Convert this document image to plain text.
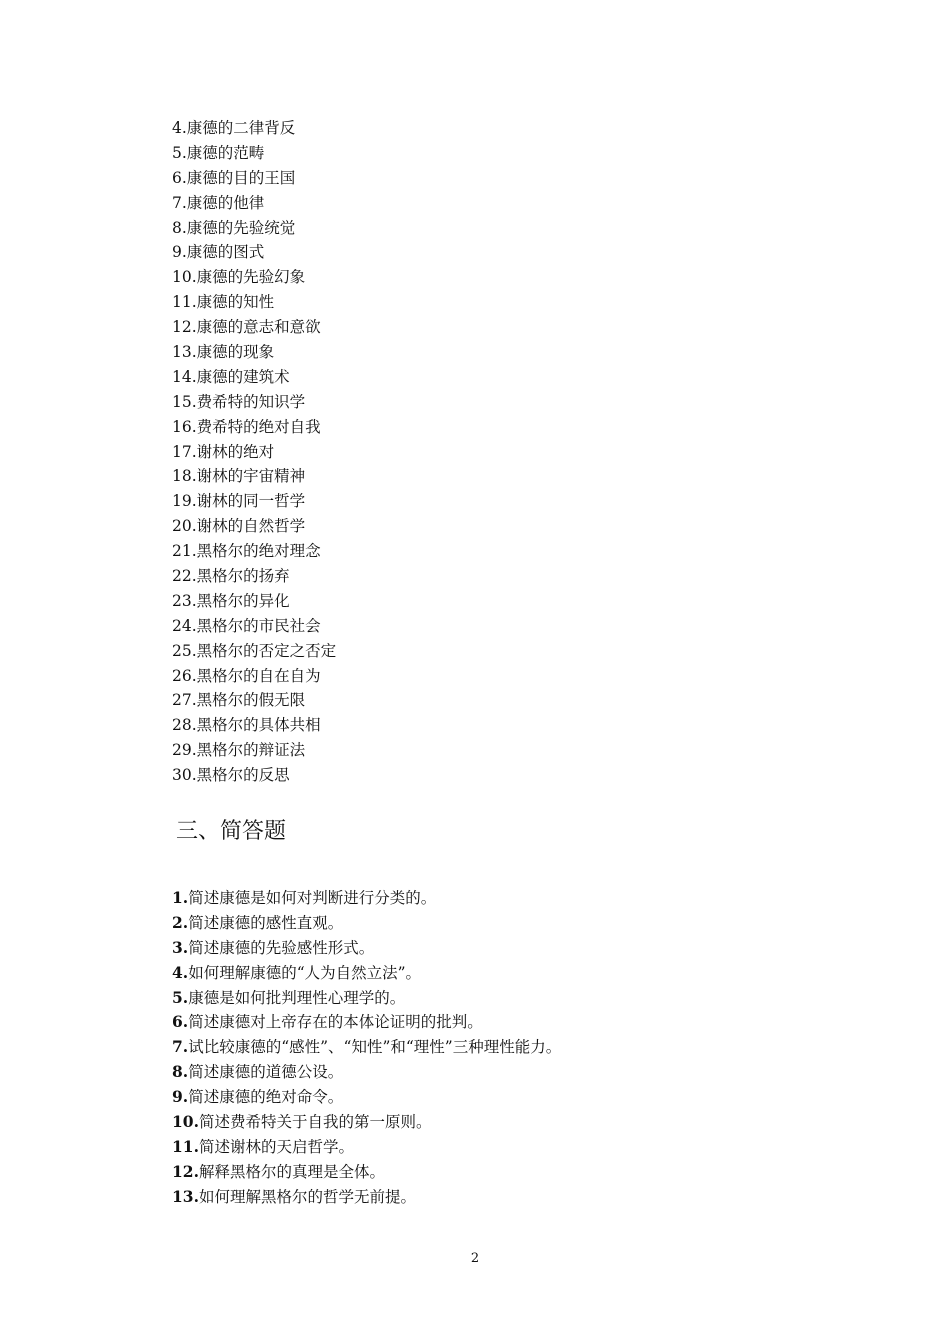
4.康德的二律背反
5.康德的范畴
6.康德的目的王国
7.康德的他律
8.康德的先验统觉
9.康德的图式
10.康德的先验幻象
11.康德的知性
12.康德的意志和意欲
13.康德的现象
14.康德的建筑术
15.费希特的知识学
16.费希特的绝对自我
17.谢林的绝对
18.谢林的宇宙精神
19.谢林的同一哲学
20.谢林的自然哲学
21.黑格尔的绝对理念
22.黑格尔的扬弃
23.黑格尔的异化
24.黑格尔的市民社会
25.黑格尔的否定之否定
26.黑格尔的自在自为
27.黑格尔的假无限
28.黑格尔的具体共相
29.黑格尔的辩证法
30.黑格尔的反思
三、简答题
1.简述康德是如何对判断进行分类的。
2.简述康德的感性直观。
3.简述康德的先验感性形式。
4.如何理解康德的“人为自然立法”。
5.康德是如何批判理性心理学的。
6.简述康德对上帝存在的本体论证明的批判。
7.试比较康德的“感性”、“知性”和“理性”三种理性能力。
8.简述康德的道德公设。
9.简述康德的绝对命令。
10.简述费希特关于自我的第一原则。
11.简述谢林的天启哲学。
12.解释黑格尔的真理是全体。
13.如何理解黑格尔的哲学无前提。
2
